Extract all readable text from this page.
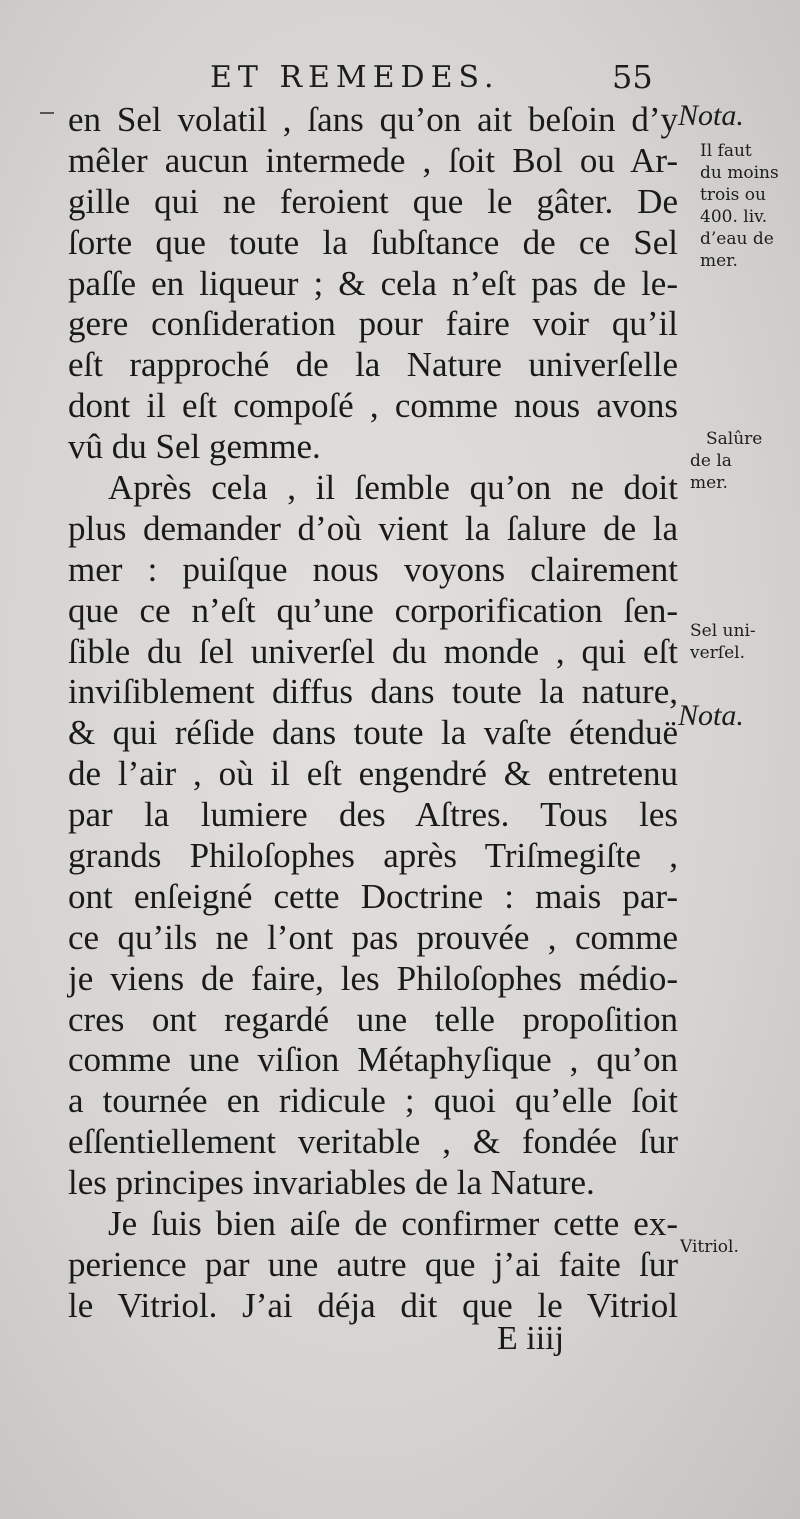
ET REMEDES.	55
en Sel volatil , ſans qu’on ait beſoin d’y
mêler aucun intermede , ſoit Bol ou Ar-
gille qui ne feroient que le gâter. De
ſorte que toute la ſubſtance de ce Sel
paſſe en liqueur ; & cela n’eſt pas de le-
gere conſideration pour faire voir qu’il
eſt rapproché de la Nature univerſelle
dont il eſt compoſé , comme nous avons
vû du Sel gemme.
Après cela , il ſemble qu’on ne doit
plus demander d’où vient la ſalure de la
mer : puiſque nous voyons clairement
que ce n’eſt qu’une corporification ſen-
ſible du ſel univerſel du monde , qui eſt
inviſiblement diffus dans toute la nature,
& qui réſide dans toute la vaſte étenduë
de l’air , où il eſt engendré & entretenu
par la lumiere des Aſtres. Tous les
grands Philoſophes après Triſmegiſte ,
ont enſeigné cette Doctrine : mais par-
ce qu’ils ne l’ont pas prouvée , comme
je viens de faire, les Philoſophes médio-
cres ont regardé une telle propoſition
comme une viſion Métaphyſique , qu’on
a tournée en ridicule ; quoi qu’elle ſoit
eſſentiellement veritable , & fondée ſur
les principes invariables de la Nature.
Je ſuis bien aiſe de confirmer cette ex-
perience par une autre que j’ai faite ſur
le Vitriol. J’ai déja dit que le Vitriol
E iiij
Nota.
Il faut
du moins
trois ou
400. liv.
d’eau de
mer.
Salûre
de la
mer.
Sel uni-
verſel.
Nota.
Vitriol.
